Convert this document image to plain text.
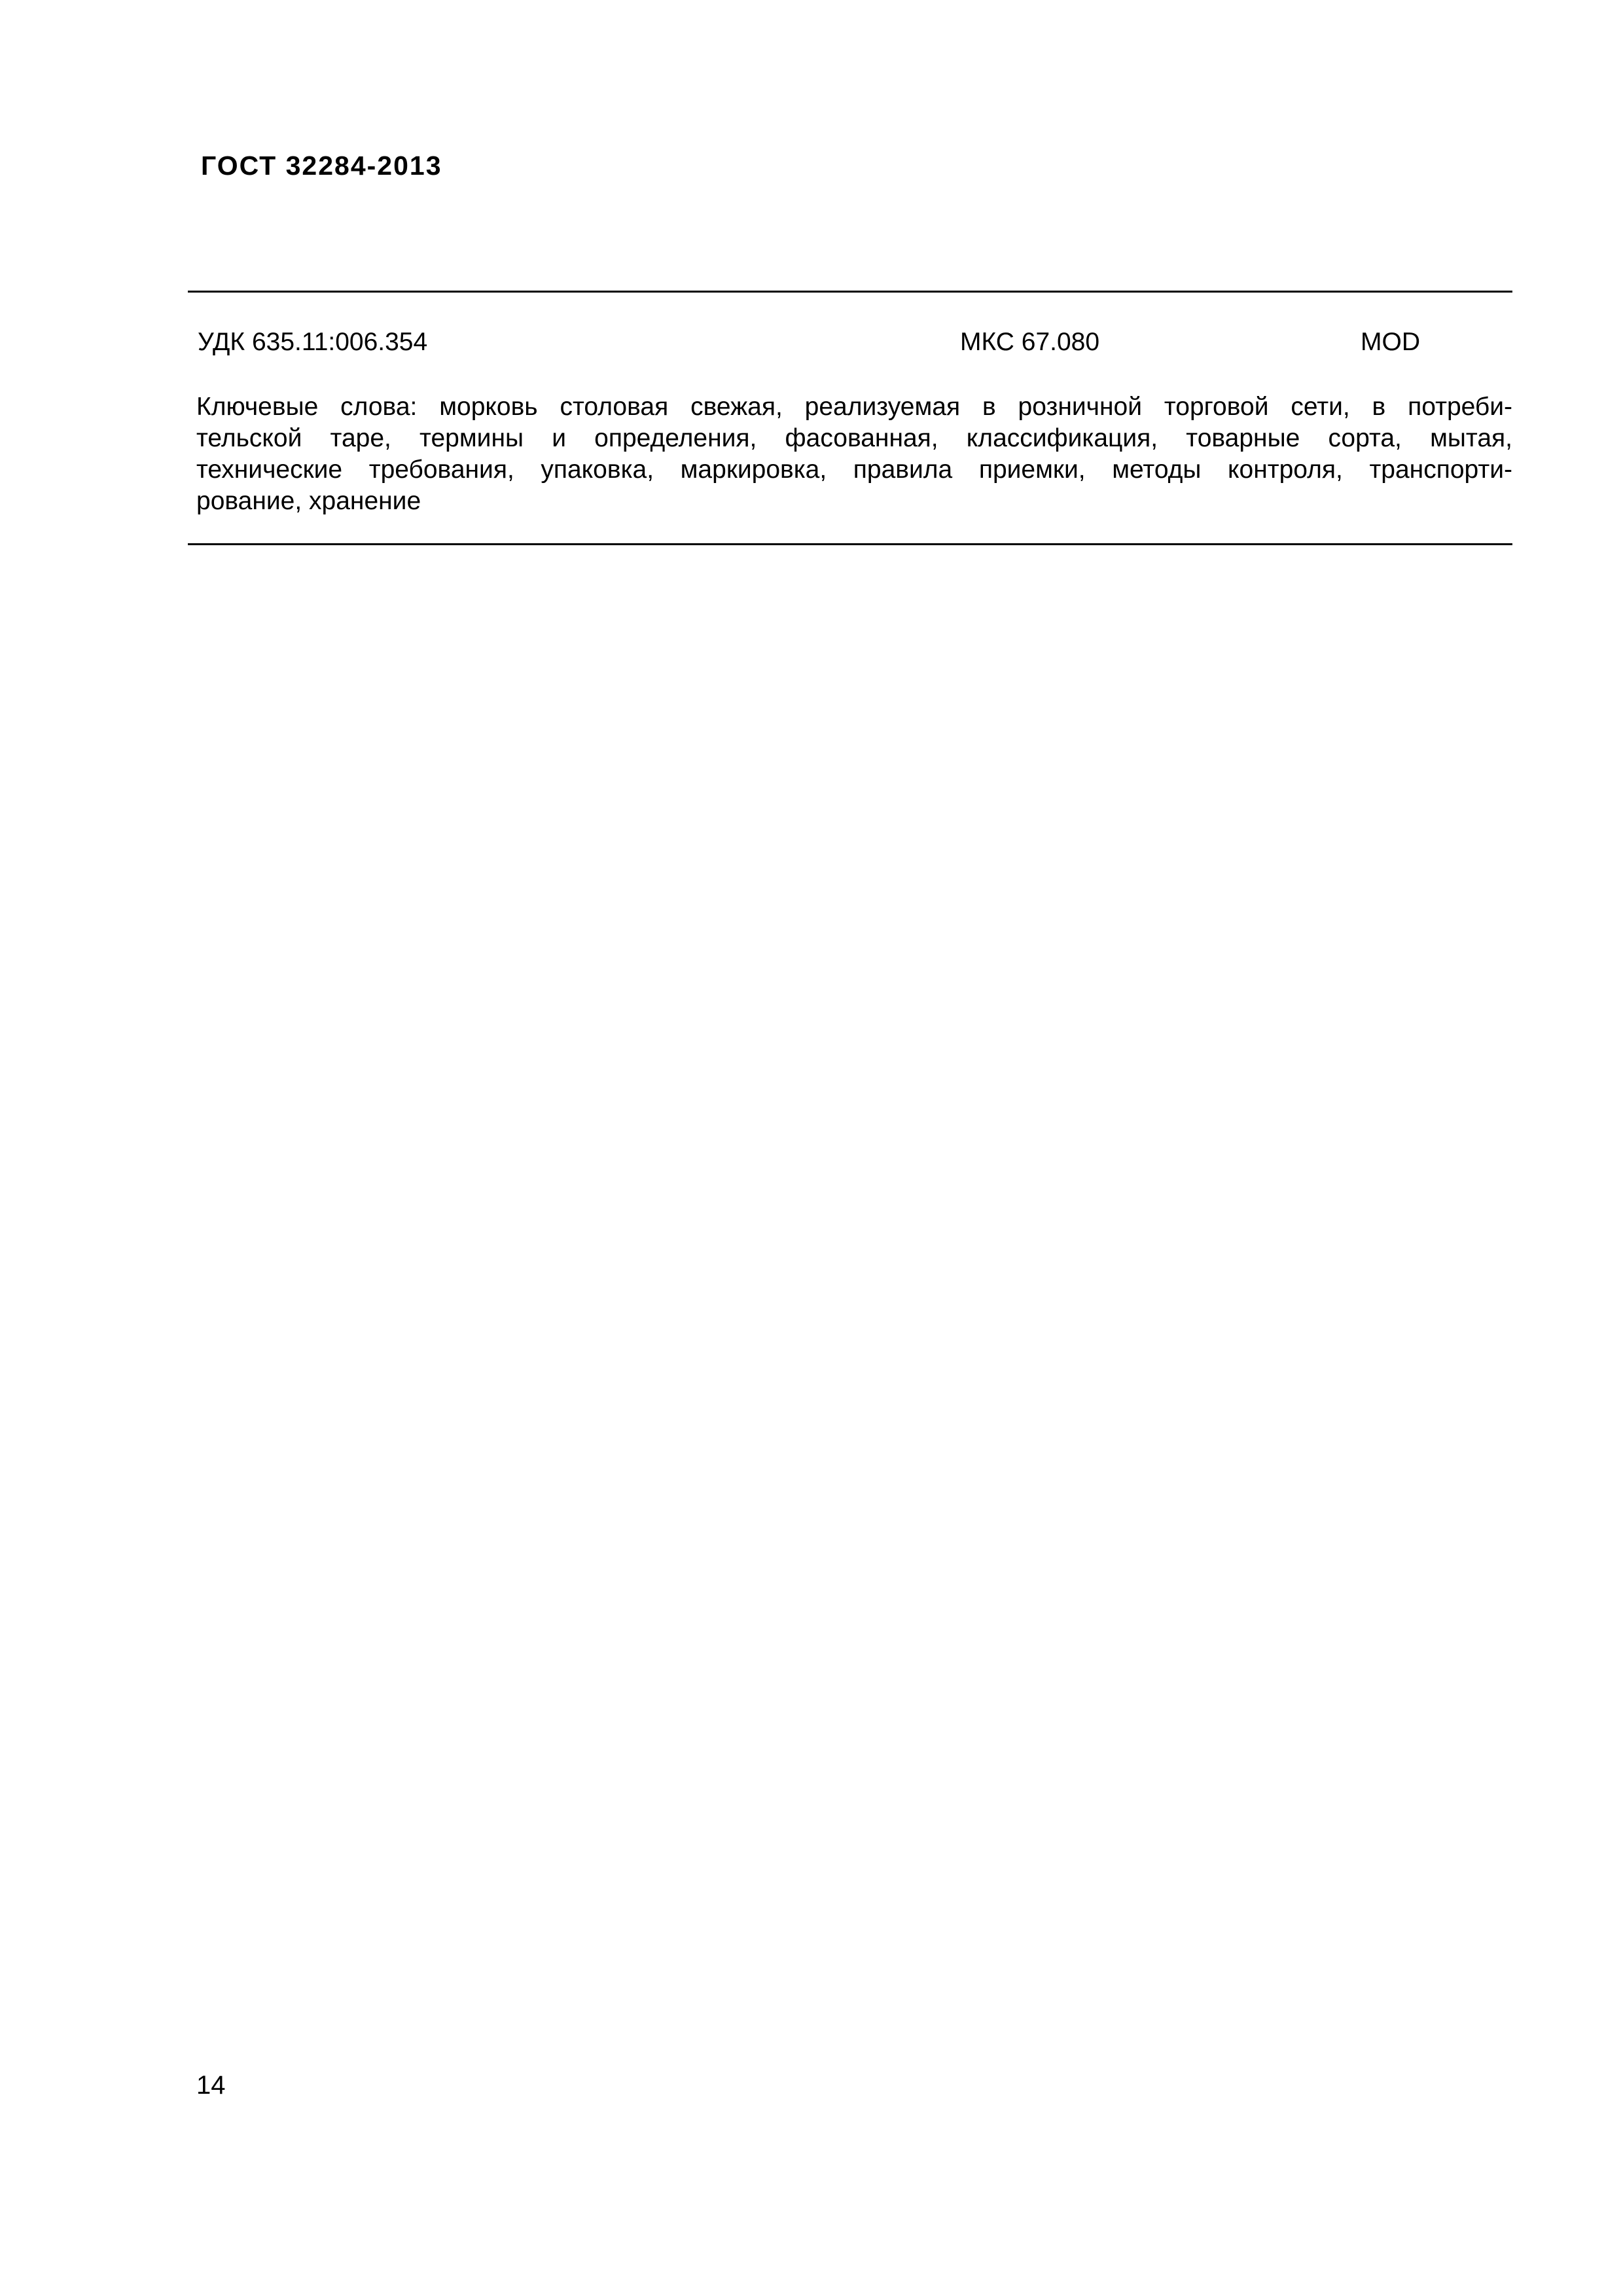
ГОСТ 32284-2013
УДК 635.11:006.354	МКС 67.080	MOD
Ключевые слова: морковь столовая свежая, реализуемая в розничной торговой сети, в потреби-
тельской таре, термины и определения, фасованная, классификация, товарные сорта, мытая,
технические требования, упаковка, маркировка, правила приемки, методы контроля, транспорти-
рование, хранение
14
